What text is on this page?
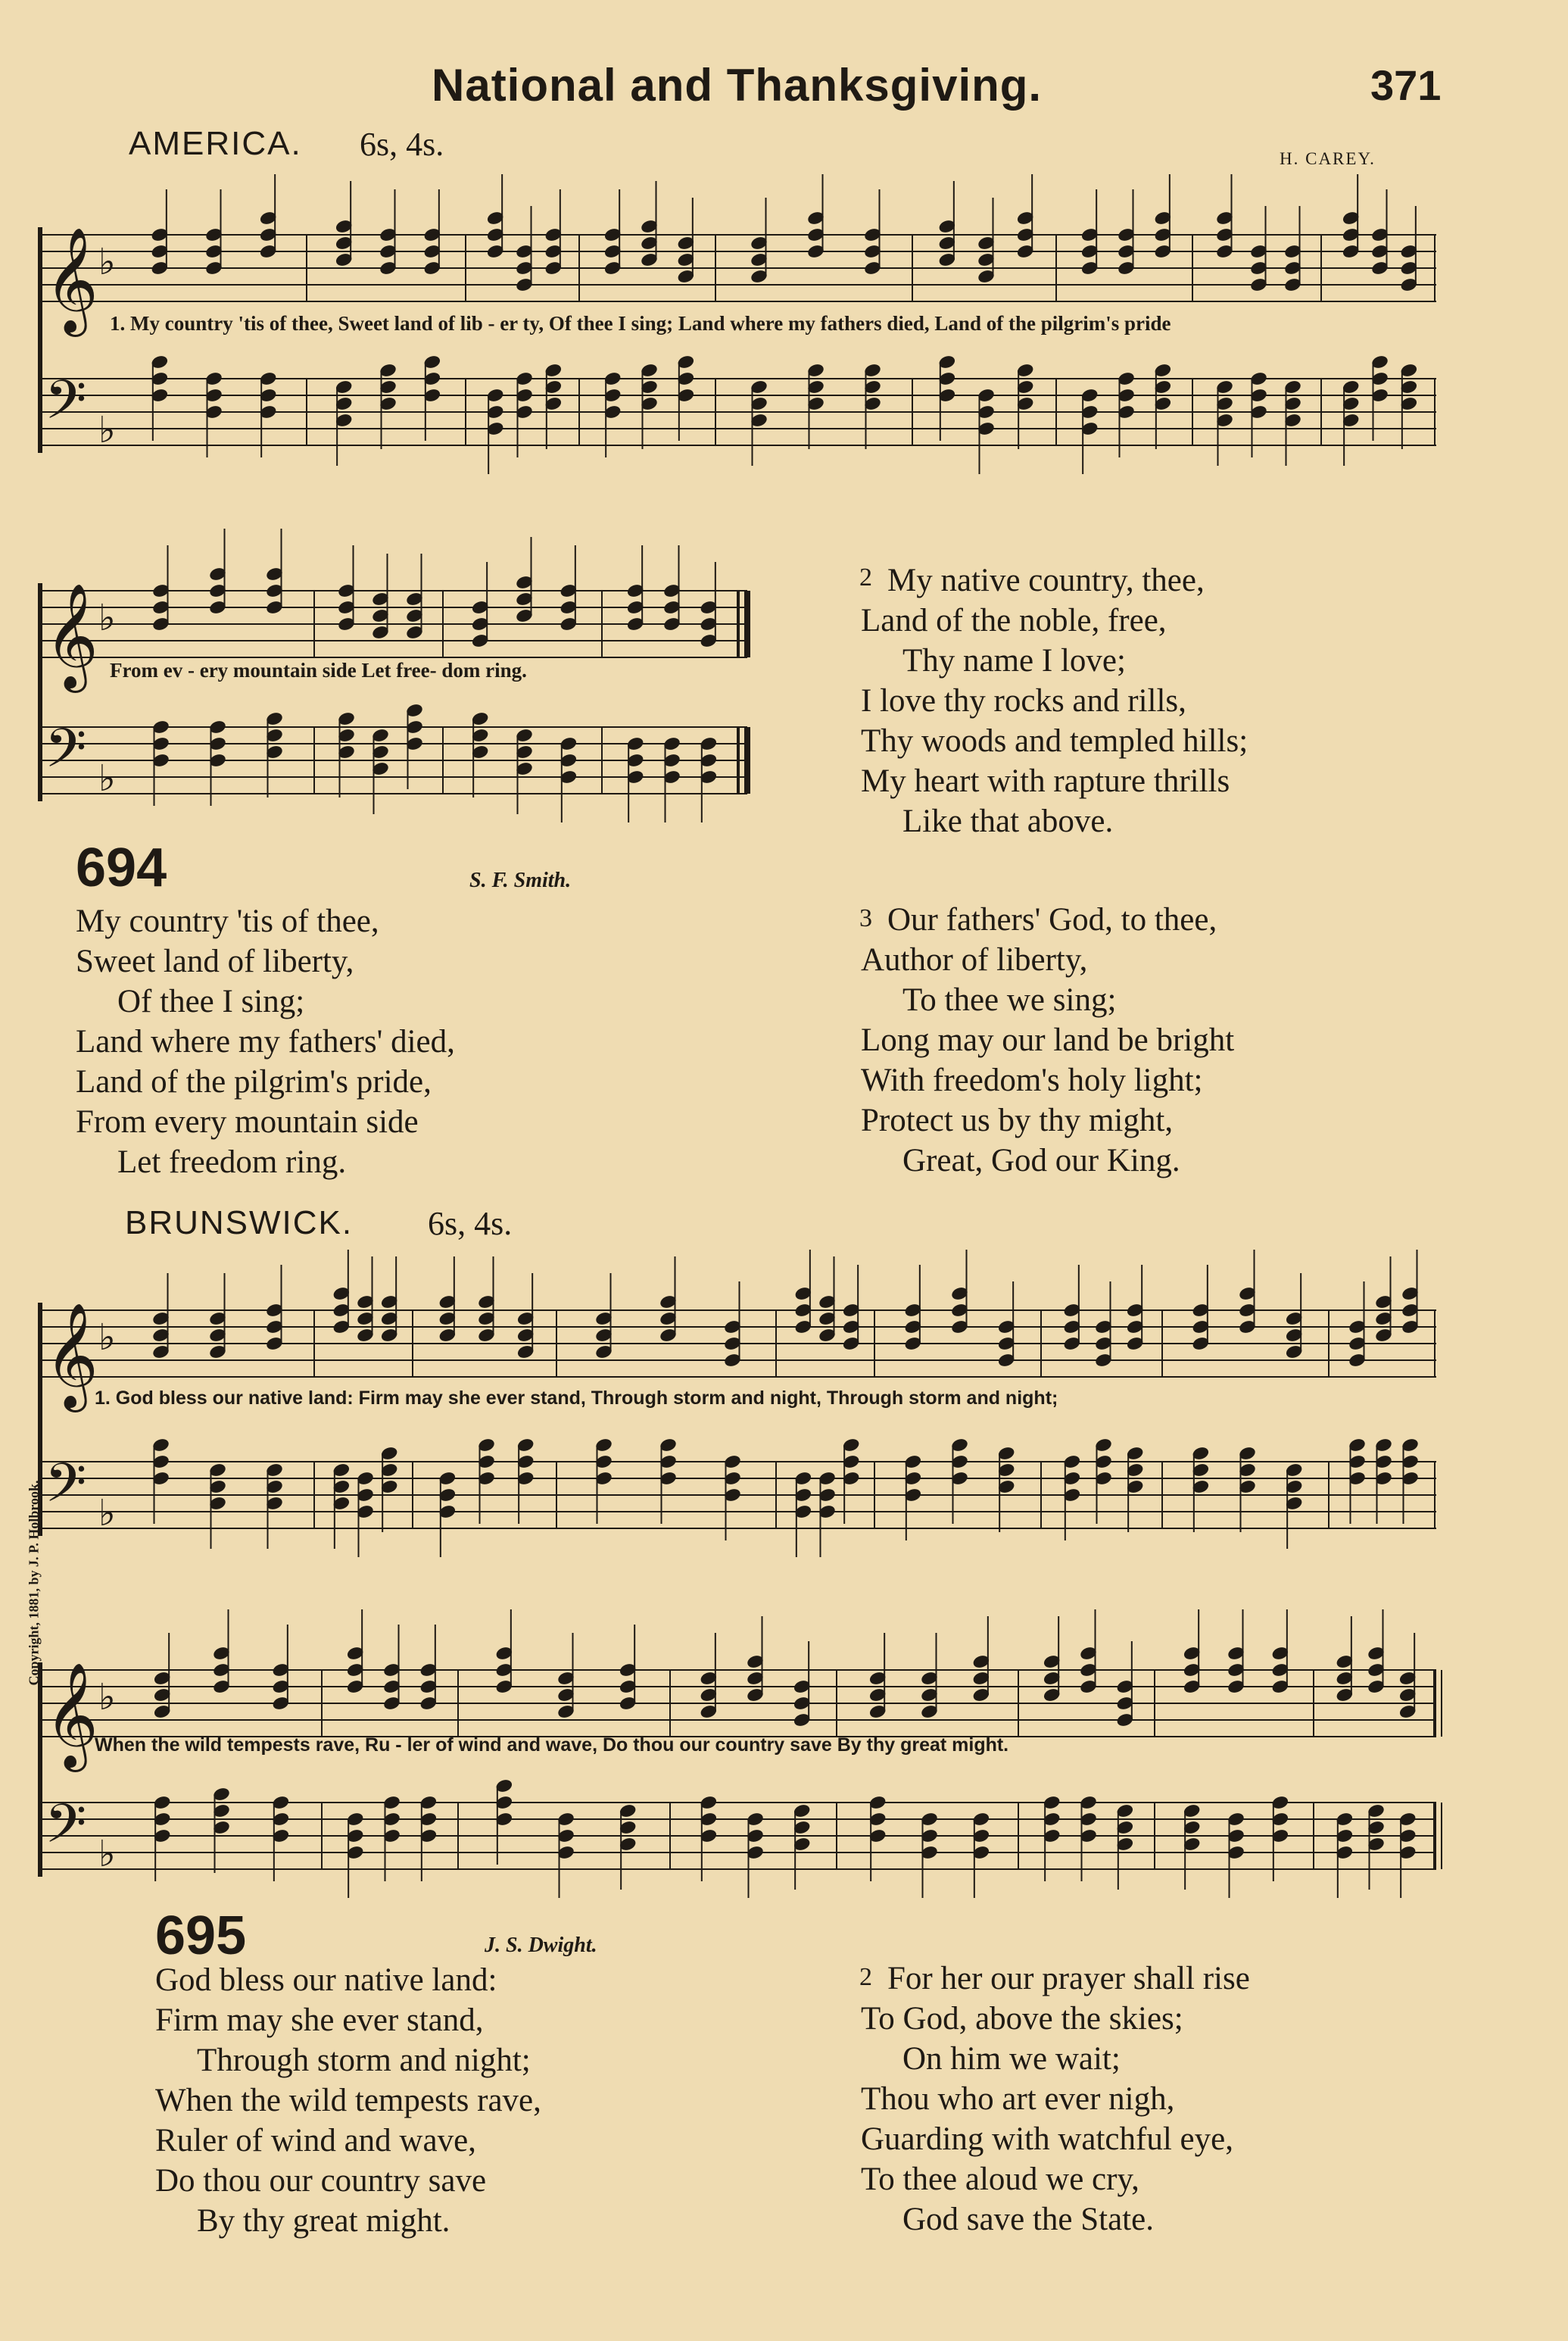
National and Thanksgiving.	371
Copyright, 1881, by J. P. Holbrook.
AMERICA. 6s, 4s.	H. CAREY.
𝄞 ♭
𝄢 ♭
1. My country 'tis of thee, Sweet land of lib - er ty, Of thee I sing; Land where my fathers died, Land of the pilgrim's pride
𝄞 ♭
𝄢 ♭
From ev - ery mountain side Let free- dom ring.
694	S. F. Smith.
My country 'tis of thee,
Sweet land of liberty,
Of thee I sing;
Land where my fathers' died,
Land of the pilgrim's pride,
From every mountain side
Let freedom ring.
2 My native country, thee,
Land of the noble, free,
Thy name I love;
I love thy rocks and rills,
Thy woods and templed hills;
My heart with rapture thrills
Like that above.
3 Our fathers' God, to thee,
Author of liberty,
To thee we sing;
Long may our land be bright
With freedom's holy light;
Protect us by thy might,
Great, God our King.
BRUNSWICK. 6s, 4s.
𝄞 ♭
𝄢 ♭
1. God bless our native land: Firm may she ever stand, Through storm and night, Through storm and night;
𝄞 ♭
𝄢 ♭
When the wild tempests rave, Ru - ler of wind and wave, Do thou our country save By thy great might.
695	J. S. Dwight.
God bless our native land:
Firm may she ever stand,
Through storm and night;
When the wild tempests rave,
Ruler of wind and wave,
Do thou our country save
By thy great might.
2 For her our prayer shall rise
To God, above the skies;
On him we wait;
Thou who art ever nigh,
Guarding with watchful eye,
To thee aloud we cry,
God save the State.
